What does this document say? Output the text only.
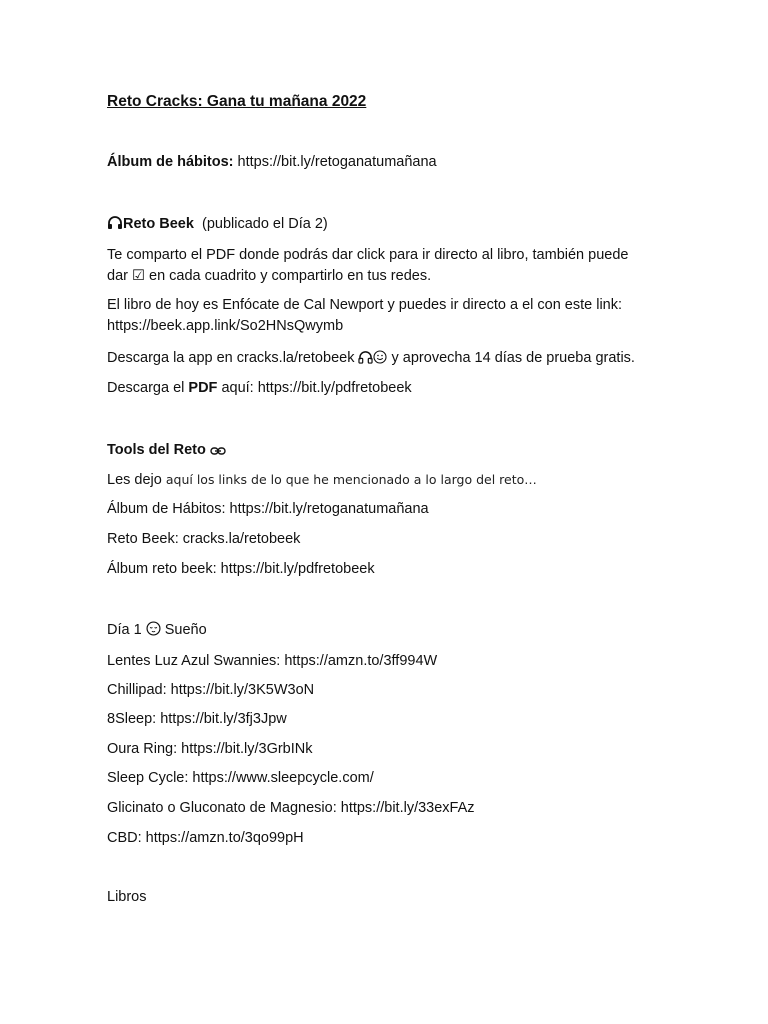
Reto Cracks: Gana tu mañana 2022
Álbum de hábitos: https://bit.ly/retoganatumañana
Reto Beek (publicado el Día 2)
Te comparto el PDF donde podrás dar click para ir directo al libro, también puede
dar ☑ en cada cuadrito y compartirlo en tus redes.
El libro de hoy es Enfócate de Cal Newport y puedes ir directo a el con este link:
https://beek.app.link/So2HNsQwymb
Descarga la app en cracks.la/retobeek	y aprovecha 14 días de prueba gratis.
Descarga el PDF aquí: https://bit.ly/pdfretobeek
Tools del Reto
Les dejo aquí los links de lo que he mencionado a lo largo del reto…
Álbum de Hábitos: https://bit.ly/retoganatumañana
Reto Beek: cracks.la/retobeek
Álbum reto beek: https://bit.ly/pdfretobeek
Día 1 Sueño
Lentes Luz Azul Swannies: https://amzn.to/3ff994W
Chillipad: https://bit.ly/3K5W3oN
8Sleep: https://bit.ly/3fj3Jpw
Oura Ring: https://bit.ly/3GrbINk
Sleep Cycle: https://www.sleepcycle.com/
Glicinato o Gluconato de Magnesio: https://bit.ly/33exFAz
CBD: https://amzn.to/3qo99pH
Libros
